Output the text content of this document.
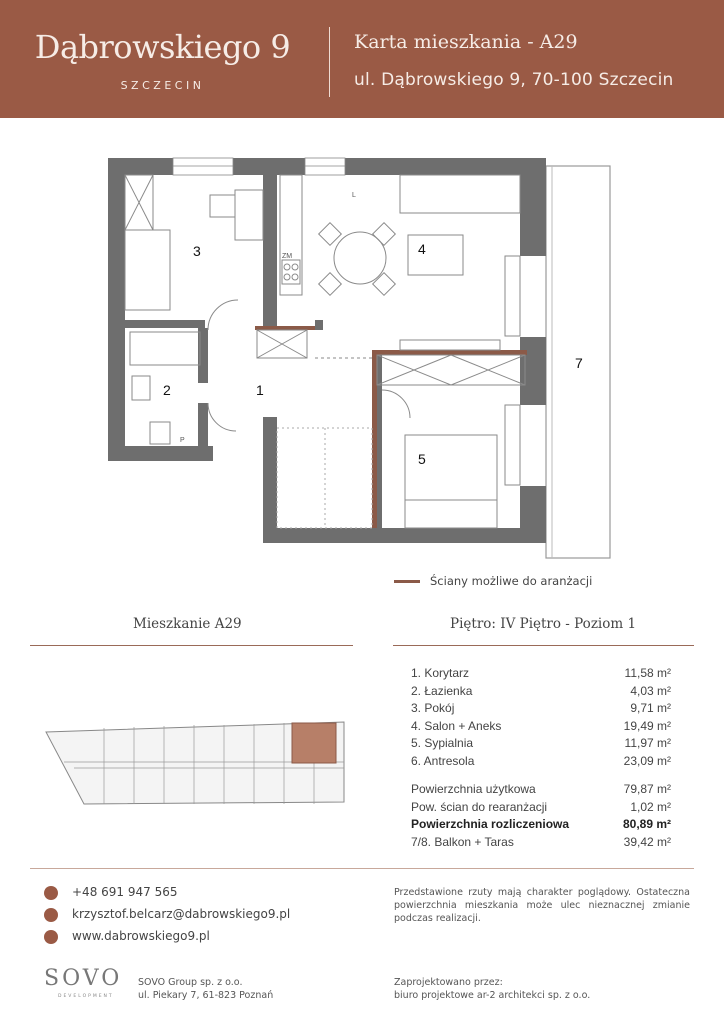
Dąbrowskiego 9
SZCZECIN
Karta mieszkania - A29
ul. Dąbrowskiego 9, 70-100 Szczecin
ZM
L
P
3	4
2	1
5
7
Ściany możliwe do aranżacji
Mieszkanie A29	Piętro: IV Piętro - Poziom 1
1. Korytarz	11,58 m²
2. Łazienka	4,03 m²
3. Pokój	9,71 m²
4. Salon + Aneks	19,49 m²
5. Sypialnia	11,97 m²
6. Antresola	23,09 m²
Powierzchnia użytkowa	79,87 m²
Pow. ścian do rearanżacji	1,02 m²
Powierzchnia rozliczeniowa	80,89 m²
7/8. Balkon + Taras	39,42 m²
+48 691 947 565
krzysztof.belcarz@dabrowskiego9.pl
www.dabrowskiego9.pl
Przedstawione rzuty mają charakter poglądowy. Ostateczna powierzchnia mieszkania może ulec nieznacznej zmianie podczas realizacji.
SOVO
DEVELOPMENT
SOVO Group sp. z o.o.
ul. Piekary 7, 61-823 Poznań
Zaprojektowano przez:
biuro projektowe ar-2 architekci sp. z o.o.
